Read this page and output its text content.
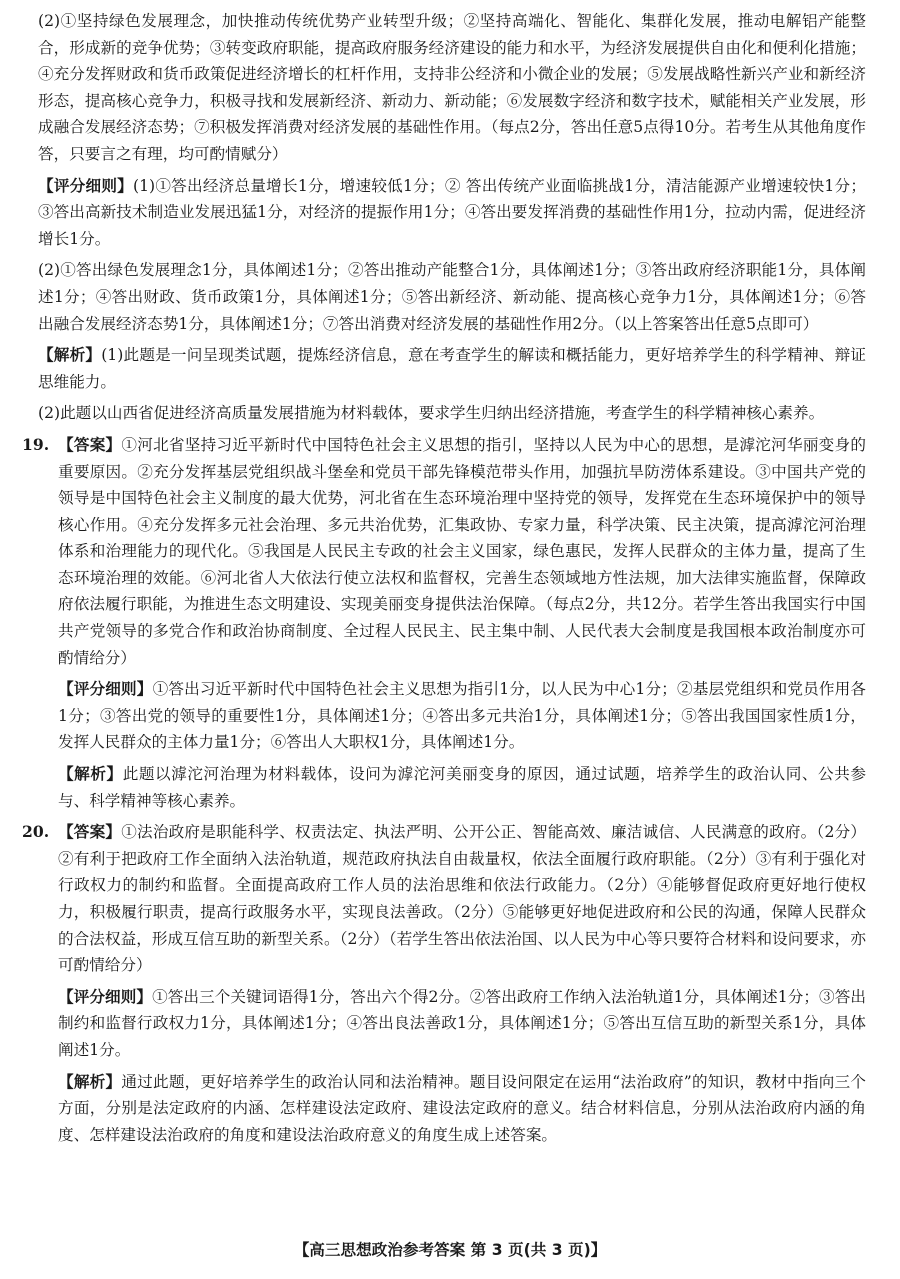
(2)①坚持绿色发展理念，加快推动传统优势产业转型升级；②坚持高端化、智能化、集群化发展，推动电解铝产能整合，形成新的竞争优势；③转变政府职能，提高政府服务经济建设的能力和水平，为经济发展提供自由化和便利化措施；④充分发挥财政和货币政策促进经济增长的杠杆作用，支持非公经济和小微企业的发展；⑤发展战略性新兴产业和新经济形态，提高核心竞争力，积极寻找和发展新经济、新动力、新动能；⑥发展数字经济和数字技术，赋能相关产业发展，形成融合发展经济态势；⑦积极发挥消费对经济发展的基础性作用。（每点2分，答出任意5点得10分。若考生从其他角度作答，只要言之有理，均可酌情赋分）

【评分细则】(1)①答出经济总量增长1分，增速较低1分；② 答出传统产业面临挑战1分，清洁能源产业增速较快1分；③答出高新技术制造业发展迅猛1分，对经济的提振作用1分；④答出要发挥消费的基础性作用1分，拉动内需，促进经济增长1分。

(2)①答出绿色发展理念1分，具体阐述1分；②答出推动产能整合1分，具体阐述1分；③答出政府经济职能1分，具体阐述1分；④答出财政、货币政策1分，具体阐述1分；⑤答出新经济、新动能、提高核心竞争力1分，具体阐述1分；⑥答出融合发展经济态势1分，具体阐述1分；⑦答出消费对经济发展的基础性作用2分。（以上答案答出任意5点即可）

【解析】(1)此题是一问呈现类试题，提炼经济信息，意在考查学生的解读和概括能力，更好培养学生的科学精神、辩证思维能力。

(2)此题以山西省促进经济高质量发展措施为材料载体，要求学生归纳出经济措施，考查学生的科学精神核心素养。

19. 【答案】①河北省坚持习近平新时代中国特色社会主义思想的指引，坚持以人民为中心的思想，是滹沱河华丽变身的重要原因。②充分发挥基层党组织战斗堡垒和党员干部先锋模范带头作用，加强抗旱防涝体系建设。③中国共产党的领导是中国特色社会主义制度的最大优势，河北省在生态环境治理中坚持党的领导，发挥党在生态环境保护中的领导核心作用。④充分发挥多元社会治理、多元共治优势，汇集政协、专家力量，科学决策、民主决策，提高滹沱河治理体系和治理能力的现代化。⑤我国是人民民主专政的社会主义国家，绿色惠民，发挥人民群众的主体力量，提高了生态环境治理的效能。⑥河北省人大依法行使立法权和监督权，完善生态领域地方性法规，加大法律实施监督，保障政府依法履行职能，为推进生态文明建设、实现美丽变身提供法治保障。（每点2分，共12分。若学生答出我国实行中国共产党领导的多党合作和政治协商制度、全过程人民民主、民主集中制、人民代表大会制度是我国根本政治制度亦可酌情给分）

【评分细则】①答出习近平新时代中国特色社会主义思想为指引1分，以人民为中心1分；②基层党组织和党员作用各1分；③答出党的领导的重要性1分，具体阐述1分；④答出多元共治1分，具体阐述1分；⑤答出我国国家性质1分，发挥人民群众的主体力量1分；⑥答出人大职权1分，具体阐述1分。

【解析】此题以滹沱河治理为材料载体，设问为滹沱河美丽变身的原因，通过试题，培养学生的政治认同、公共参与、科学精神等核心素养。

20. 【答案】①法治政府是职能科学、权责法定、执法严明、公开公正、智能高效、廉洁诚信、人民满意的政府。（2分）②有利于把政府工作全面纳入法治轨道，规范政府执法自由裁量权，依法全面履行政府职能。（2分）③有利于强化对行政权力的制约和监督。全面提高政府工作人员的法治思维和依法行政能力。（2分）④能够督促政府更好地行使权力，积极履行职责，提高行政服务水平，实现良法善政。（2分）⑤能够更好地促进政府和公民的沟通，保障人民群众的合法权益，形成互信互助的新型关系。（2分）（若学生答出依法治国、以人民为中心等只要符合材料和设问要求，亦可酌情给分）

【评分细则】①答出三个关键词语得1分，答出六个得2分。②答出政府工作纳入法治轨道1分，具体阐述1分；③答出制约和监督行政权力1分，具体阐述1分；④答出良法善政1分，具体阐述1分；⑤答出互信互助的新型关系1分，具体阐述1分。

【解析】通过此题，更好培养学生的政治认同和法治精神。题目设问限定在运用“法治政府”的知识，教材中指向三个方面，分别是法定政府的内涵、怎样建设法定政府、建设法定政府的意义。结合材料信息，分别从法治政府内涵的角度、怎样建设法治政府的角度和建设法治政府意义的角度生成上述答案。

【高三思想政治参考答案 第 3 页(共 3 页)】
